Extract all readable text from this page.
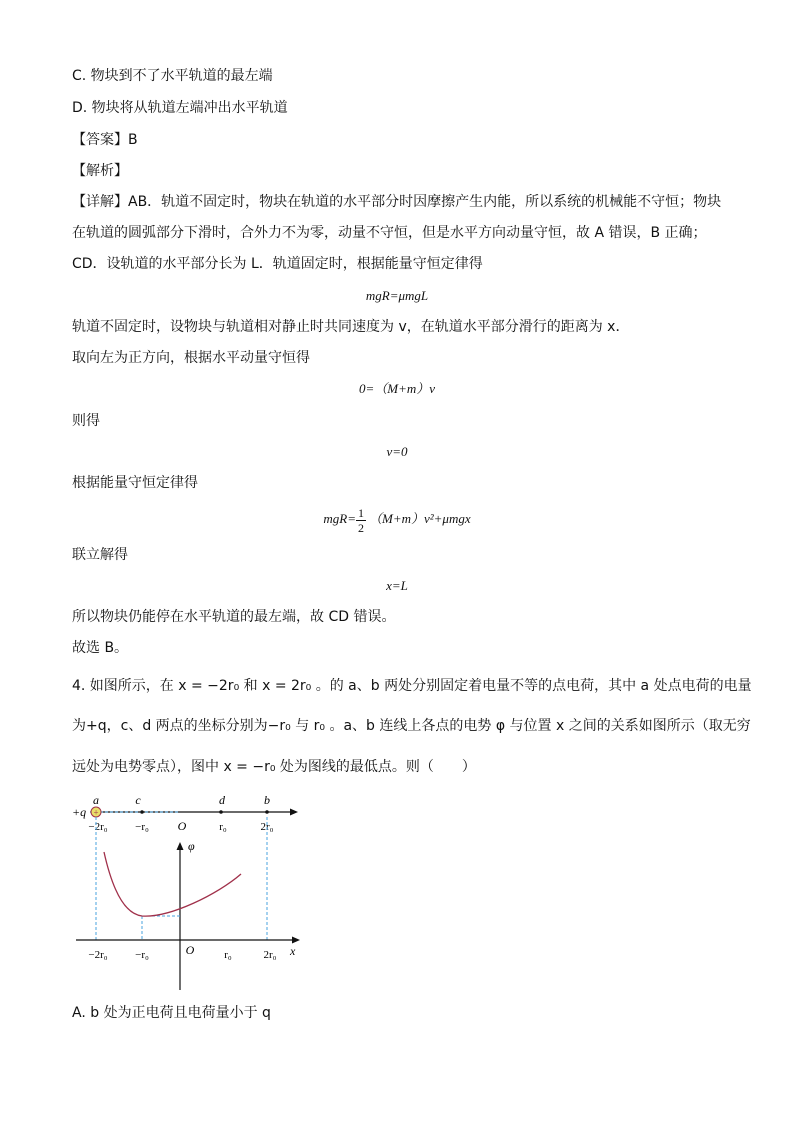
C. 物块到不了水平轨道的最左端
D. 物块将从轨道左端冲出水平轨道
【答案】B
【解析】
【详解】AB．轨道不固定时，物块在轨道的水平部分时因摩擦产生内能，所以系统的机械能不守恒；物块
在轨道的圆弧部分下滑时，合外力不为零，动量不守恒，但是水平方向动量守恒，故 A 错误，B 正确；
CD．设轨道的水平部分长为 L．轨道固定时，根据能量守恒定律得
mgR=μmgL
轨道不固定时，设物块与轨道相对静止时共同速度为 v，在轨道水平部分滑行的距离为 x．
取向左为正方向，根据水平动量守恒得
0=（M+m）v
则得
v=0
根据能量守恒定律得
$mgR= \frac{1}{2} (M+m)v^2+\mu mgx$
联立解得
x=L
所以物块仍能停在水平轨道的最左端，故 CD 错误。
故选 B。
4. 如图所示，在 x = −2r₀ 和 x = 2r₀ 。的 a、b 两处分别固定着电量不等的点电荷，其中 a 处点电荷的电量
为+q，c、d 两点的坐标分别为−r₀ 与 r₀ 。a、b 连线上各点的电势 φ 与位置 x 之间的关系如图所示（取无穷
远处为电势零点），图中 x = −r₀ 处为图线的最低点。则（　　）
+
+q
a	c	d	b
−2r₀	−r₀ O	r₀	2r₀
φ
x
O
−2r₀	−r₀	r₀	2r₀
A. b 处为正电荷且电荷量小于 q
